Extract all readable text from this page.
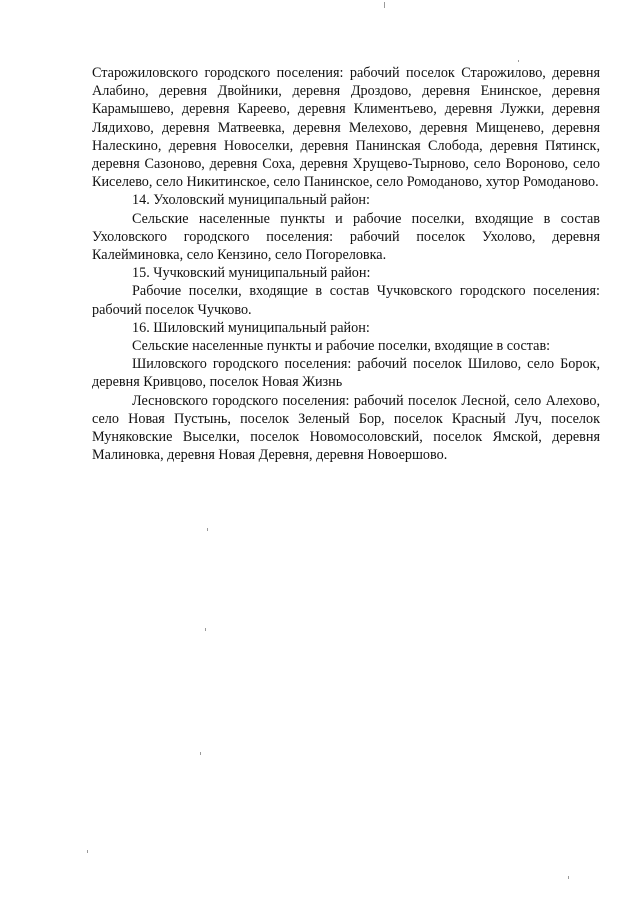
Старожиловского городского поселения: рабочий поселок Старожилово, деревня Алабино, деревня Двойники, деревня Дроздово, деревня Енинское, деревня Карамышево, деревня Кареево, деревня Климентьево, деревня Лужки, деревня Лядихово, деревня Матвеевка, деревня Мелехово, деревня Мищенево, деревня Налескино, деревня Новоселки, деревня Панинская Слобода, деревня Пятинск, деревня Сазоново, деревня Соха, деревня Хрущево-Тырново, село Вороново, село Киселево, село Никитинское, село Панинское, село Ромоданово, хутор Ромоданово.

14. Ухоловский муниципальный район:

Сельские населенные пункты и рабочие поселки, входящие в состав Ухоловского городского поселения: рабочий поселок Ухолово, деревня Калейминовка, село Кензино, село Погореловка.

15. Чучковский муниципальный район:

Рабочие поселки, входящие в состав Чучковского городского поселения: рабочий поселок Чучково.

16. Шиловский муниципальный район:

Сельские населенные пункты и рабочие поселки, входящие в состав:

Шиловского городского поселения: рабочий поселок Шилово, село Борок, деревня Кривцово, поселок Новая Жизнь

Лесновского городского поселения: рабочий поселок Лесной, село Алехово, село Новая Пустынь, поселок Зеленый Бор, поселок Красный Луч, поселок Муняковские Выселки, поселок Новомосоловский, поселок Ямской, деревня Малиновка, деревня Новая Деревня, деревня Новоершово.
